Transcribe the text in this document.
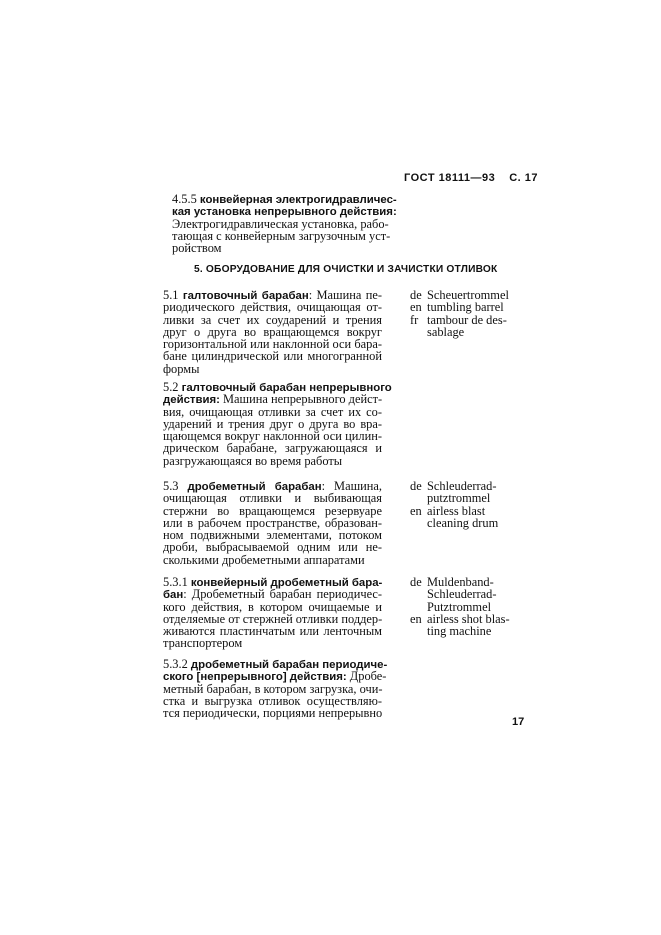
ГОСТ 18111—93 С. 17
4.5.5 конвейерная электрогидравличес-
кая установка непрерывного действия:
Электрогидравлическая установка, рабо-
тающая с конвейерным загрузочным уст-
ройством
5. ОБОРУДОВАНИЕ ДЛЯ ОЧИСТКИ И ЗАЧИСТКИ ОТЛИВОК
5.1 галтовочный барабан: Машина пе-
риодического действия, очищающая от-
ливки за счет их соударений и трения
друг о друга во вращающемся вокруг
горизонтальной или наклонной оси бара-
бане цилиндрической или многогранной
формы
de Scheuertrommel
en tumbling barrel
fr tambour de des-
sablage
5.2 галтовочный барабан непрерывного
действия: Машина непрерывного дейст-
вия, очищающая отливки за счет их со-
ударений и трения друг о друга во вра-
щающемся вокруг наклонной оси цилин-
дрическом барабане, загружающаяся и
разгружающаяся во время работы
5.3 дробеметный барабан: Машина,
очищающая отливки и выбивающая
стержни во вращающемся резервуаре
или в рабочем пространстве, образован-
ном подвижными элементами, потоком
дроби, выбрасываемой одним или не-
сколькими дробеметными аппаратами
de Schleuderrad-
putztrommel
en airless blast
cleaning drum
5.3.1 конвейерный дробеметный бара-
бан: Дробеметный барабан периодичес-
кого действия, в котором очищаемые и
отделяемые от стержней отливки поддер-
живаются пластинчатым или ленточным
транспортером
de Muldenband-
Schleuderrad-
Putztrommel
en airless shot blas-
ting machine
5.3.2 дробеметный барабан периодиче-
ского [непрерывного] действия: Дробе-
метный барабан, в котором загрузка, очи-
стка и выгрузка отливок осуществляю-
тся периодически, порциями непрерывно
17
